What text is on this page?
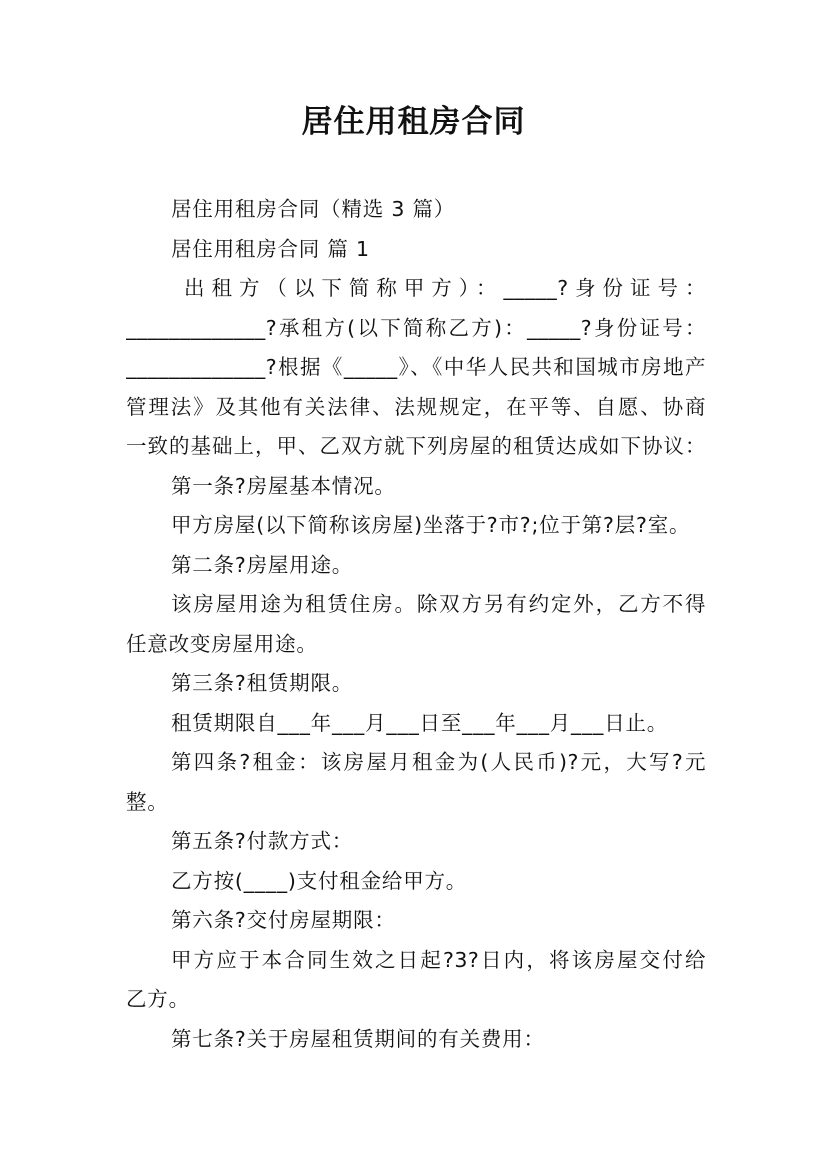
居住用租房合同

居住用租房合同（精选 3 篇）

居住用租房合同 篇 1

出租方（以下简称甲方）：_____?身份证号：

_____________?承租方(以下简称乙方)：_____?身份证号：

_____________?根据《_____》、《中华人民共和国城市房地产

管理法》及其他有关法律、法规规定，在平等、自愿、协商

一致的基础上，甲、乙双方就下列房屋的租赁达成如下协议：

第一条?房屋基本情况。

甲方房屋(以下简称该房屋)坐落于?市?;位于第?层?室。

第二条?房屋用途。

该房屋用途为租赁住房。除双方另有约定外，乙方不得

任意改变房屋用途。

第三条?租赁期限。

租赁期限自___年___月___日至___年___月___日止。

第四条?租金：该房屋月租金为(人民币)?元，大写?元

整。

第五条?付款方式：

乙方按(____)支付租金给甲方。

第六条?交付房屋期限：

甲方应于本合同生效之日起?3?日内，将该房屋交付给

乙方。

第七条?关于房屋租赁期间的有关费用：
